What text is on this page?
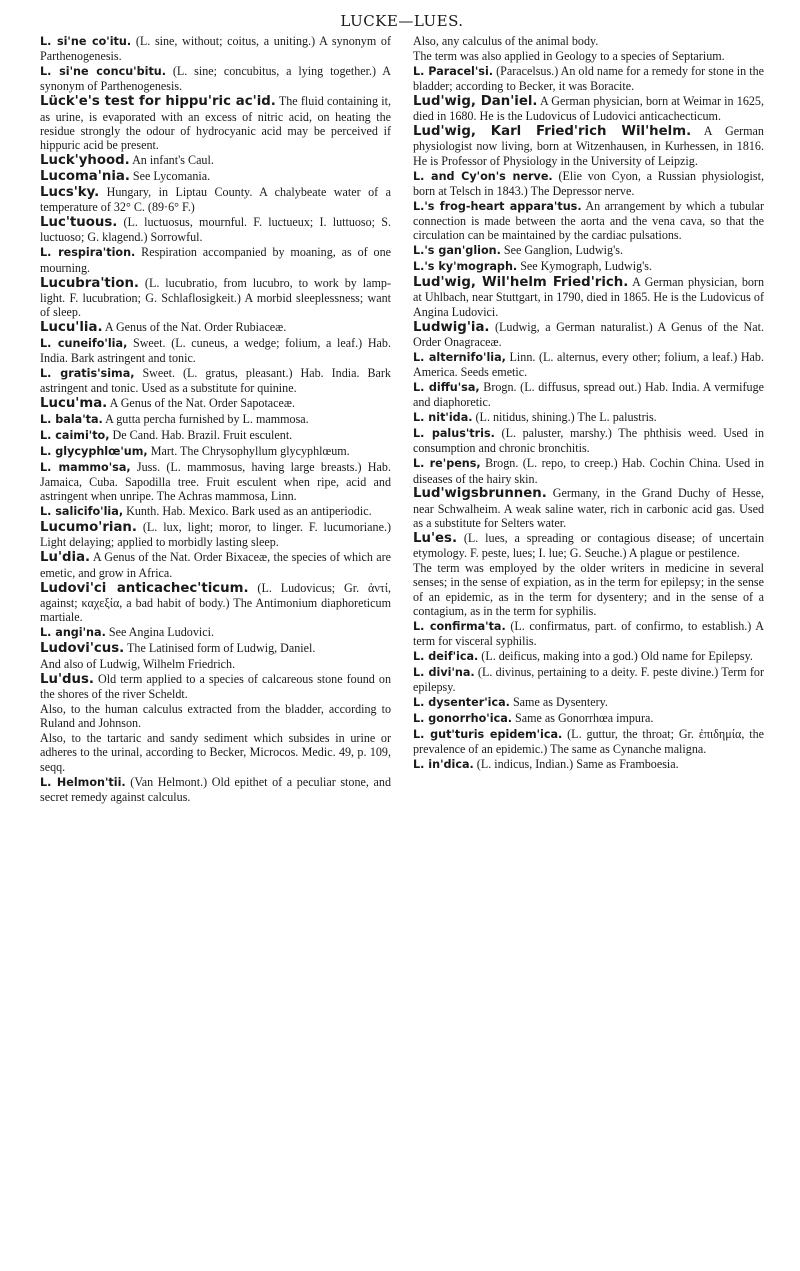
LUCKE—LUES.

L. si'ne co'itu. (L. sine, without; coitus, a uniting.) A synonym of Parthenogenesis.

L. si'ne concu'bitu. (L. sine; concubitus, a lying together.) A synonym of Parthenogenesis.

Lück'e's test for hippu'ric ac'id. The fluid containing it, as urine, is evaporated with an excess of nitric acid, on heating the residue strongly the odour of hydrocyanic acid may be perceived if hippuric acid be present.

Luck'yhood. An infant's Caul.

Lucoma'nia. See Lycomania.

Lucs'ky. Hungary, in Liptau County. A chalybeate water of a temperature of 32° C. (89·6° F.)

Luc'tuous. (L. luctuosus, mournful. F. luctueux; I. luttuoso; S. luctuoso; G. klagend.) Sorrowful.

L. respira'tion. Respiration accompanied by moaning, as of one mourning.

Lucubra'tion. (L. lucubratio, from lucubro, to work by lamp-light. F. lucubration; G. Schlaflosigkeit.) A morbid sleeplessness; want of sleep.

Lucu'lia. A Genus of the Nat. Order Rubiaceæ.

L. cuneifo'lia, Sweet. (L. cuneus, a wedge; folium, a leaf.) Hab. India. Bark astringent and tonic.

L. gratis'sima, Sweet. (L. gratus, pleasant.) Hab. India. Bark astringent and tonic. Used as a substitute for quinine.

Lucu'ma. A Genus of the Nat. Order Sapotaceæ.

L. bala'ta. A gutta percha furnished by L. mammosa.

L. caimi'to, De Cand. Hab. Brazil. Fruit esculent.

L. glycyphlœ'um, Mart. The Chrysophyllum glycyphlœum.

L. mammo'sa, Juss. (L. mammosus, having large breasts.) Hab. Jamaica, Cuba. Sapodilla tree. Fruit esculent when ripe, acid and astringent when unripe. The Achras mammosa, Linn.

L. salicifo'lia, Kunth. Hab. Mexico. Bark used as an antiperiodic.

Lucumo'rian. (L. lux, light; moror, to linger. F. lucumoriane.) Light delaying; applied to morbidly lasting sleep.

Lu'dia. A Genus of the Nat. Order Bixaceæ, the species of which are emetic, and grow in Africa.

Ludovi'ci anticachec'ticum. (L. Ludovicus; Gr. ἀντί, against; καχεξία, a bad habit of body.) The Antimonium diaphoreticum martiale.

L. angi'na. See Angina Ludovici.

Ludovi'cus. The Latinised form of Ludwig, Daniel.

And also of Ludwig, Wilhelm Friedrich.

Lu'dus. Old term applied to a species of calcareous stone found on the shores of the river Scheldt.

Also, to the human calculus extracted from the bladder, according to Ruland and Johnson.

Also, to the tartaric and sandy sediment which subsides in urine or adheres to the urinal, according to Becker, Microcos. Medic. 49, p. 109, seqq.

L. Helmon'tii. (Van Helmont.) Old epithet of a peculiar stone, and secret remedy against calculus.

Also, any calculus of the animal body.

The term was also applied in Geology to a species of Septarium.

L. Paracel'si. (Paracelsus.) An old name for a remedy for stone in the bladder; according to Becker, it was Boracite.

Lud'wig, Dan'iel. A German physician, born at Weimar in 1625, died in 1680. He is the Ludovicus of Ludovici anticachecticum.

Lud'wig, Karl Fried'rich Wil'helm. A German physiologist now living, born at Witzenhausen, in Kurhessen, in 1816. He is Professor of Physiology in the University of Leipzig.

L. and Cy'on's nerve. (Elie von Cyon, a Russian physiologist, born at Telsch in 1843.) The Depressor nerve.

L.'s frog-heart appara'tus. An arrangement by which a tubular connection is made between the aorta and the vena cava, so that the circulation can be maintained by the cardiac pulsations.

L.'s gan'glion. See Ganglion, Ludwig's.

L.'s ky'mograph. See Kymograph, Ludwig's.

Lud'wig, Wil'helm Fried'rich. A German physician, born at Uhlbach, near Stuttgart, in 1790, died in 1865. He is the Ludovicus of Angina Ludovici.

Ludwig'ia. (Ludwig, a German naturalist.) A Genus of the Nat. Order Onagraceæ.

L. alternifo'lia, Linn. (L. alternus, every other; folium, a leaf.) Hab. America. Seeds emetic.

L. diffu'sa, Brogn. (L. diffusus, spread out.) Hab. India. A vermifuge and diaphoretic.

L. nit'ida. (L. nitidus, shining.) The L. palustris.

L. palus'tris. (L. paluster, marshy.) The phthisis weed. Used in consumption and chronic bronchitis.

L. re'pens, Brogn. (L. repo, to creep.) Hab. Cochin China. Used in diseases of the hairy skin.

Lud'wigsbrunnen. Germany, in the Grand Duchy of Hesse, near Schwalheim. A weak saline water, rich in carbonic acid gas. Used as a substitute for Selters water.

Lu'es. (L. lues, a spreading or contagious disease; of uncertain etymology. F. peste, lues; I. lue; G. Seuche.) A plague or pestilence.

The term was employed by the older writers in medicine in several senses; in the sense of expiation, as in the term for epilepsy; in the sense of an epidemic, as in the term for dysentery; and in the sense of a contagium, as in the term for syphilis.

L. confirma'ta. (L. confirmatus, part. of confirmo, to establish.) A term for visceral syphilis.

L. deif'ica. (L. deificus, making into a god.) Old name for Epilepsy.

L. divi'na. (L. divinus, pertaining to a deity. F. peste divine.) Term for epilepsy.

L. dysenter'ica. Same as Dysentery.

L. gonorrho'ica. Same as Gonorrhœa impura.

L. gut'turis epidem'ica. (L. guttur, the throat; Gr. ἐπιδημία, the prevalence of an epidemic.) The same as Cynanche maligna.

L. in'dica. (L. indicus, Indian.) Same as Framboesia.
